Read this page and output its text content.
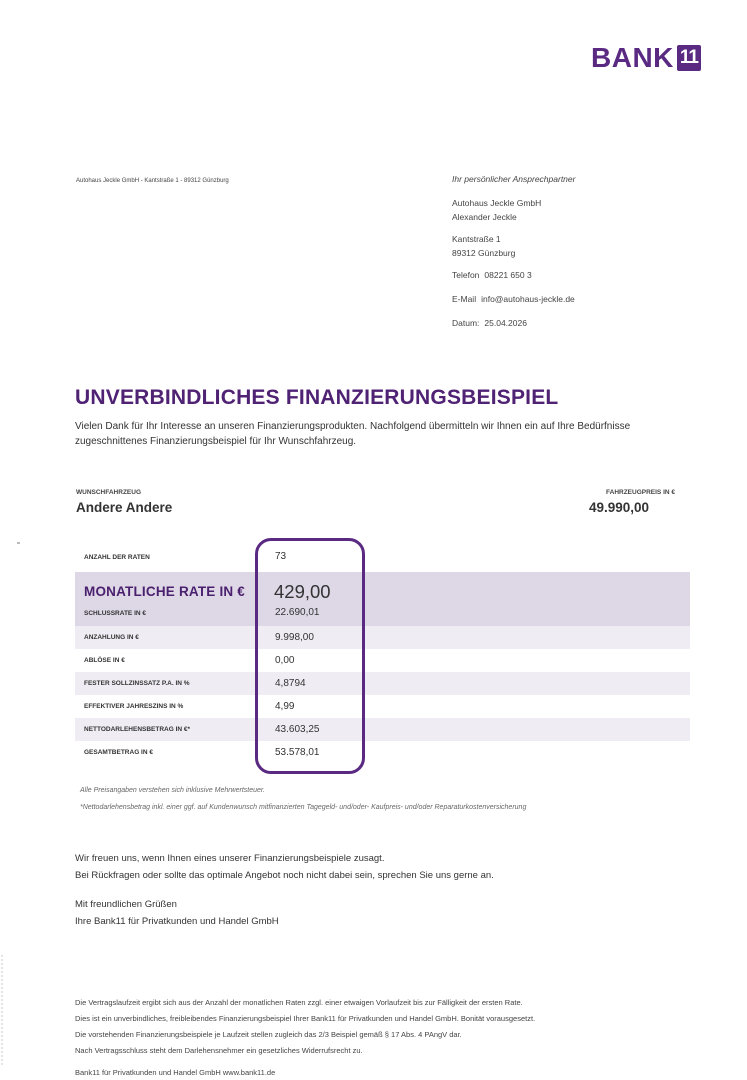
BANK 11
Autohaus Jeckle GmbH - Kantstraße 1 - 89312 Günzburg	Ihr persönlicher Ansprechpartner
Autohaus Jeckle GmbH
Alexander Jeckle
Kantstraße 1
89312 Günzburg
Telefon 08221 650 3
E-Mail info@autohaus-jeckle.de
Datum: 25.04.2026
UNVERBINDLICHES FINANZIERUNGSBEISPIEL
Vielen Dank für Ihr Interesse an unseren Finanzierungsprodukten. Nachfolgend übermitteln wir Ihnen ein auf Ihre Bedürfnisse zugeschnittenes Finanzierungsbeispiel für Ihr Wunschfahrzeug.
WUNSCHFAHRZEUG
Andere Andere
FAHRZEUGPREIS IN €
49.990,00
ANZAHL DER RATEN	73
MONATLICHE RATE IN € 429,00
SCHLUSSRATE IN €	22.690,01
ANZAHLUNG IN €	9.998,00
ABLÖSE IN €	0,00
FESTER SOLLZINSSATZ P.A. IN %	4,8794
EFFEKTIVER JAHRESZINS IN %	4,99
NETTODARLEHENSBETRAG IN €*	43.603,25
GESAMTBETRAG IN €	53.578,01
Alle Preisangaben verstehen sich inklusive Mehrwertsteuer.
*Nettodarlehensbetrag inkl. einer ggf. auf Kundenwunsch mitfinanzierten Tagegeld- und/oder- Kaufpreis- und/oder Reparaturkostenversicherung
Wir freuen uns, wenn Ihnen eines unserer Finanzierungsbeispiele zusagt.
Bei Rückfragen oder sollte das optimale Angebot noch nicht dabei sein, sprechen Sie uns gerne an.
Mit freundlichen Grüßen
Ihre Bank11 für Privatkunden und Handel GmbH
Die Vertragslaufzeit ergibt sich aus der Anzahl der monatlichen Raten zzgl. einer etwaigen Vorlaufzeit bis zur Fälligkeit der ersten Rate.
Dies ist ein unverbindliches, freibleibendes Finanzierungsbeispiel Ihrer Bank11 für Privatkunden und Handel GmbH. Bonität vorausgesetzt.
Die vorstehenden Finanzierungsbeispiele je Laufzeit stellen zugleich das 2/3 Beispiel gemäß § 17 Abs. 4 PAngV dar.
Nach Vertragsschluss steht dem Darlehensnehmer ein gesetzliches Widerrufsrecht zu.
Bank11 für Privatkunden und Handel GmbH www.bank11.de
